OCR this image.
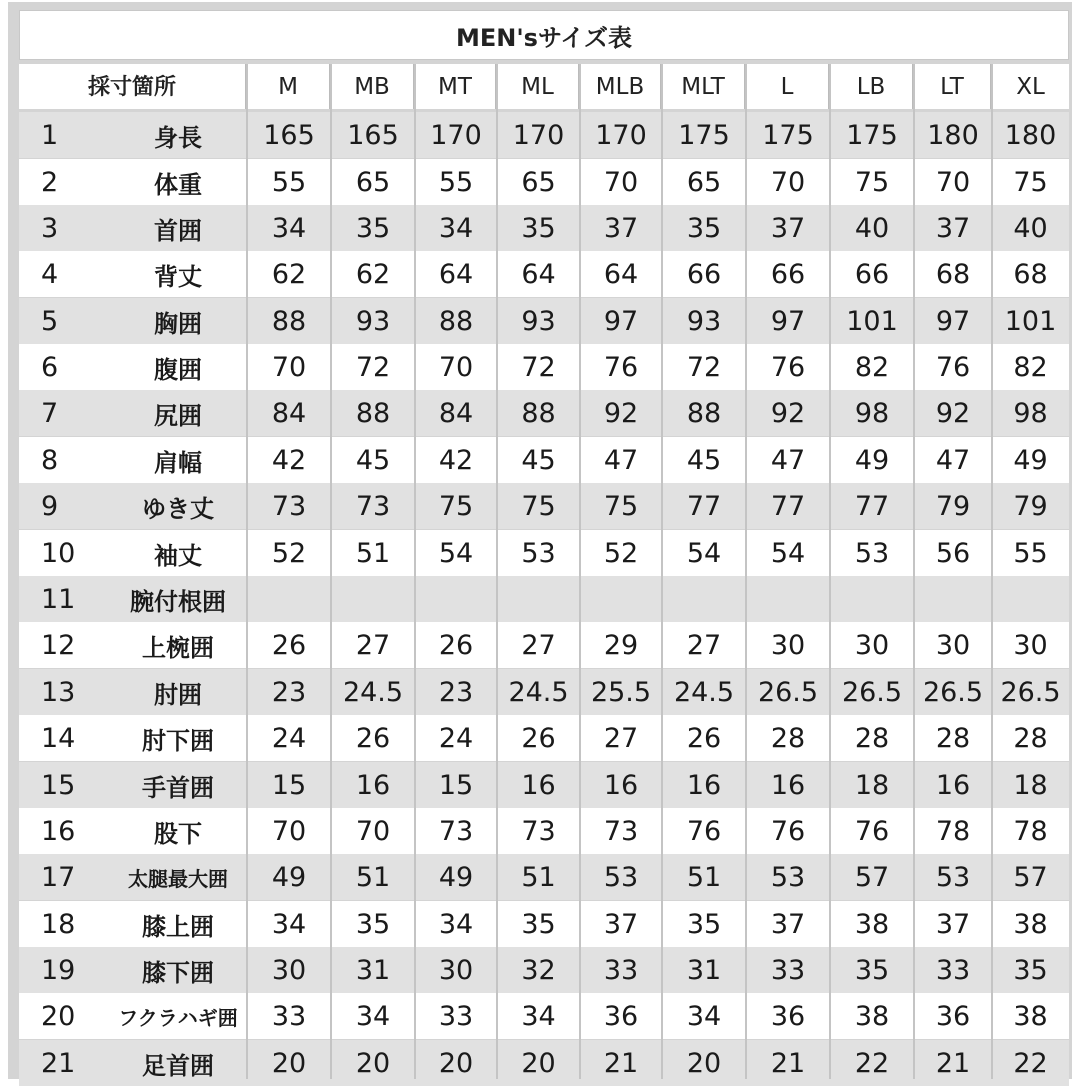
MEN'sサイズ表
採寸箇所	M	MB	MT	ML	MLB	MLT	L	LB	LT	XL
1	身長	165	165	170	170	170	175	175	175	180 180
2	体重	55	65	55	65	70	65	70	75	70	75
3	首囲	34	35	34	35	37	35	37	40	37	40
4	背丈	62	62	64	64	64	66	66	66	68	68
5	胸囲	88	93	88	93	97	93	97	101	97	101
6	腹囲	70	72	70	72	76	72	76	82	76	82
7	尻囲	84	88	84	88	92	88	92	98	92	98
8	肩幅	42	45	42	45	47	45	47	49	47	49
9	ゆき丈	73	73	75	75	75	77	77	77	79	79
10	袖丈	52	51	54	53	52	54	54	53	56	55
11	腕付根囲
12	上椀囲	26	27	26	27	29	27	30	30	30	30
13	肘囲	23	24.5	23	24.5 25.5 24.5 26.5 26.5 26.5 26.5
14	肘下囲	24	26	24	26	27	26	28	28	28	28
15	手首囲	15	16	15	16	16	16	16	18	16	18
16	股下	70	70	73	73	73	76	76	76	78	78
17	太腿最大囲	49	51	49	51	53	51	53	57	53	57
18	膝上囲	34	35	34	35	37	35	37	38	37	38
19	膝下囲	30	31	30	32	33	31	33	35	33	35
20	フクラハギ囲	33	34	33	34	36	34	36	38	36	38
21	足首囲	20	20	20	20	21	20	21	22	21	22
